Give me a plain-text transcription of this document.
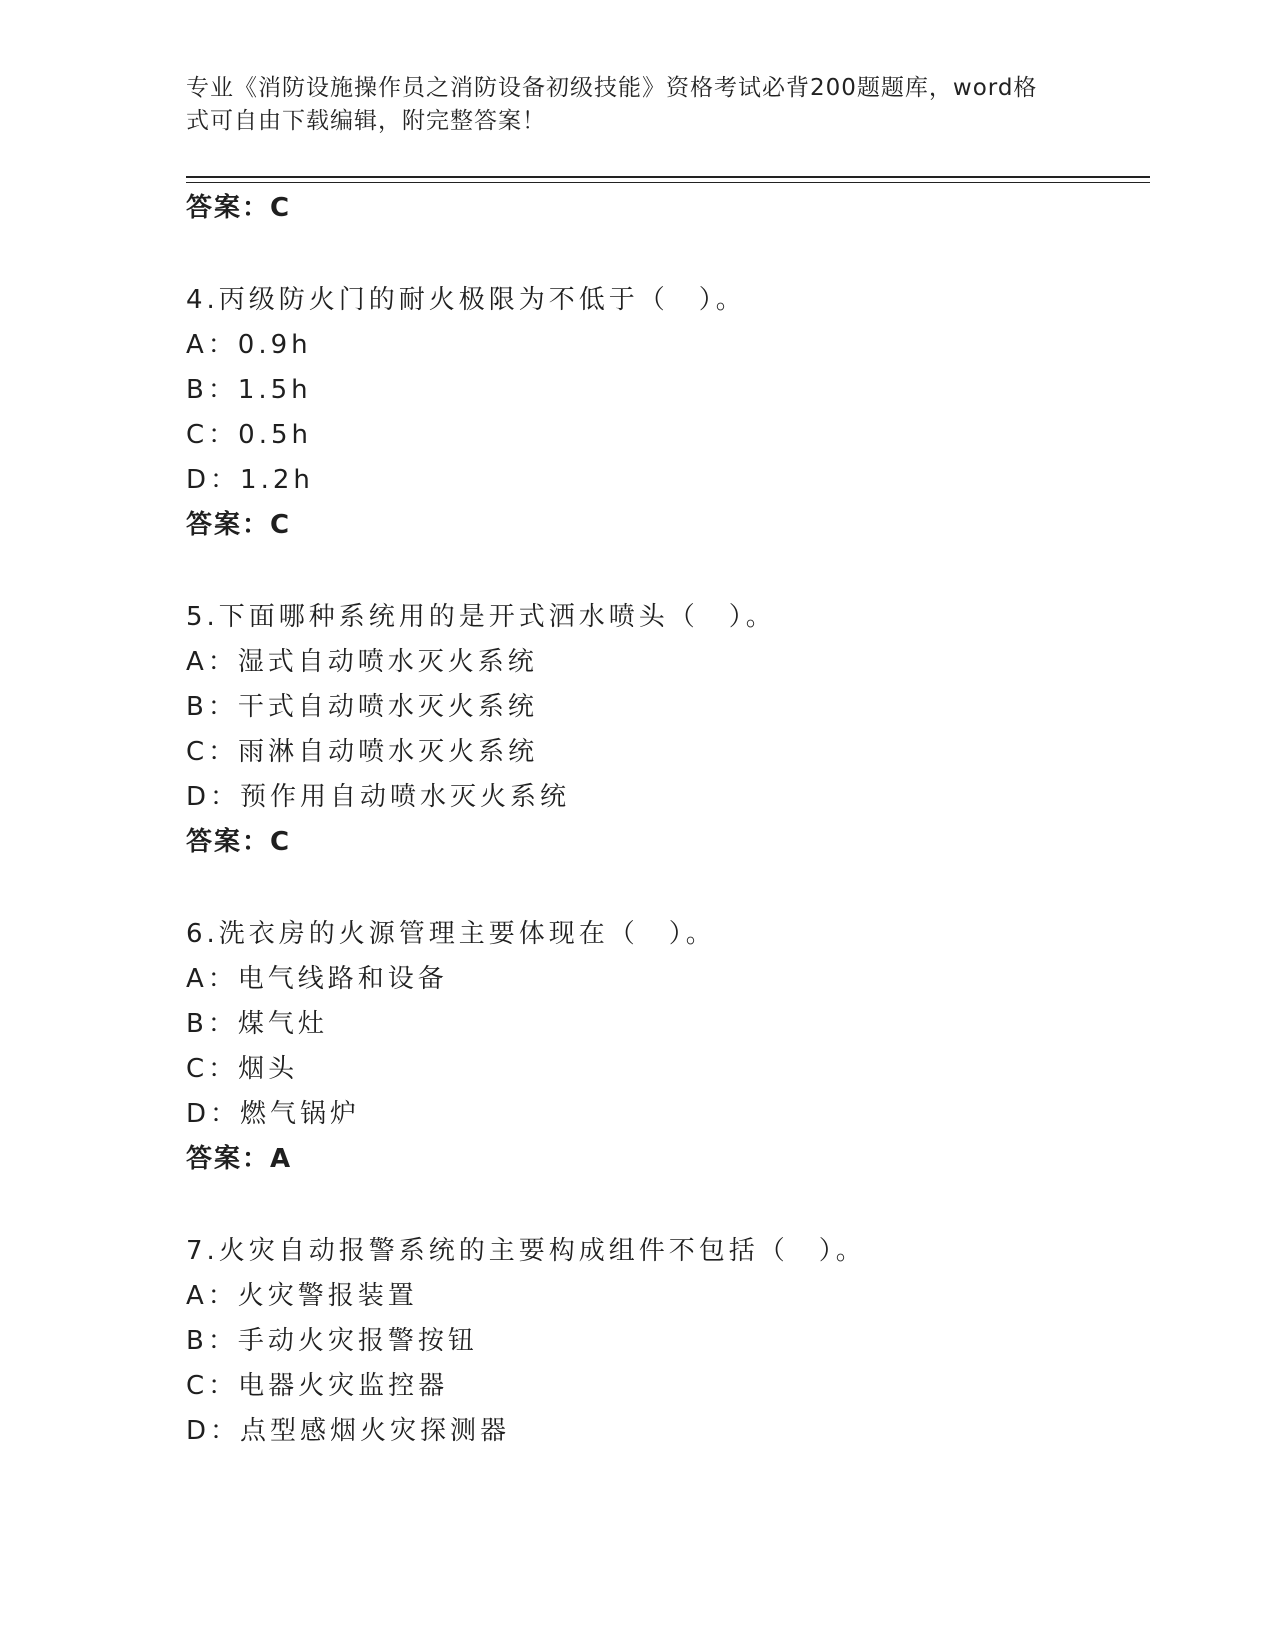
专业《消防设施操作员之消防设备初级技能》资格考试必背200题题库，word格
式可自由下载编辑，附完整答案！
答案：C
4.丙级防火门的耐火极限为不低于（　）。
A：0.9h
B：1.5h
C：0.5h
D：1.2h
答案：C
5.下面哪种系统用的是开式洒水喷头（　）。
A：湿式自动喷水灭火系统
B：干式自动喷水灭火系统
C：雨淋自动喷水灭火系统
D：预作用自动喷水灭火系统
答案：C
6.洗衣房的火源管理主要体现在（　）。
A：电气线路和设备
B：煤气灶
C：烟头
D：燃气锅炉
答案：A
7.火灾自动报警系统的主要构成组件不包括（　）。
A：火灾警报装置
B：手动火灾报警按钮
C：电器火灾监控器
D：点型感烟火灾探测器
